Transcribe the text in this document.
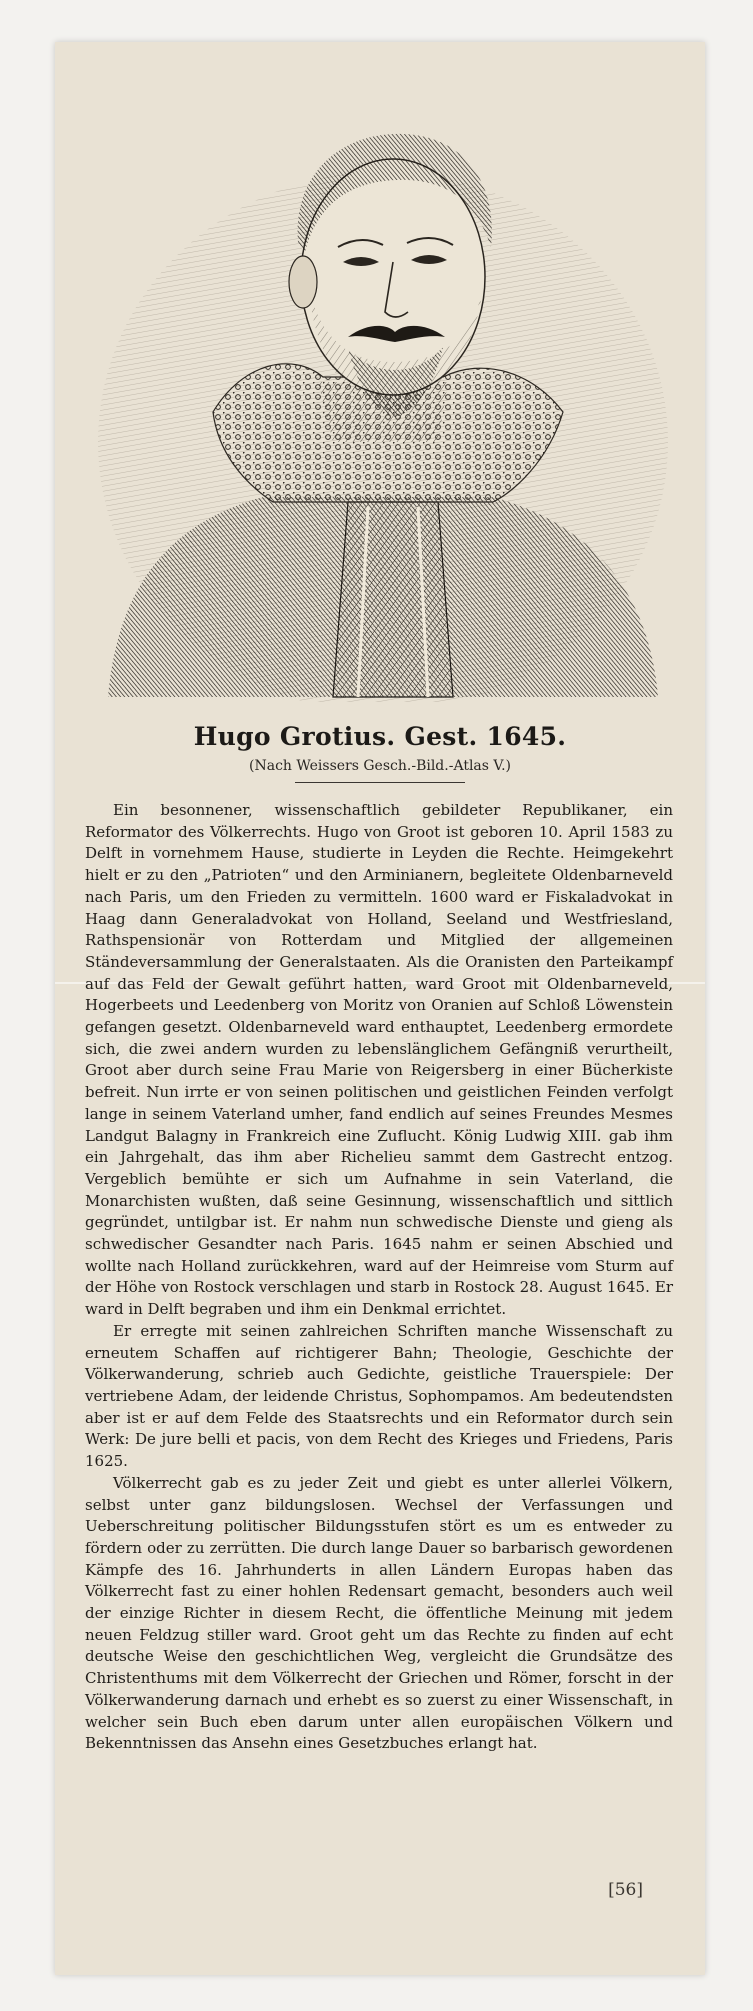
Hugo Grotius. Gest. 1645.
(Nach Weissers Gesch.-Bild.-Atlas V.)

Ein besonnener, wissenschaftlich gebildeter Republikaner, ein Reformator des Völkerrechts. Hugo von Groot ist geboren 10. April 1583 zu Delft in vornehmem Hause, studierte in Leyden die Rechte. Heimgekehrt hielt er zu den „Patrioten“ und den Arminianern, begleitete Oldenbarneveld nach Paris, um den Frieden zu vermitteln. 1600 ward er Fiskaladvokat in Haag dann Generaladvokat von Holland, Seeland und Westfriesland, Rathspensionär von Rotterdam und Mitglied der allgemeinen Ständeversammlung der Generalstaaten. Als die Oranisten den Parteikampf auf das Feld der Gewalt geführt hatten, ward Groot mit Oldenbarneveld, Hogerbeets und Leedenberg von Moritz von Oranien auf Schloß Löwenstein gefangen gesetzt. Oldenbarneveld ward enthauptet, Leedenberg ermordete sich, die zwei andern wurden zu lebenslänglichem Gefängniß verurtheilt, Groot aber durch seine Frau Marie von Reigersberg in einer Bücherkiste befreit. Nun irrte er von seinen politischen und geistlichen Feinden verfolgt lange in seinem Vaterland umher, fand endlich auf seines Freundes Mesmes Landgut Balagny in Frankreich eine Zuflucht. König Ludwig XIII. gab ihm ein Jahrgehalt, das ihm aber Richelieu sammt dem Gastrecht entzog. Vergeblich bemühte er sich um Aufnahme in sein Vaterland, die Monarchisten wußten, daß seine Gesinnung, wissenschaftlich und sittlich gegründet, untilgbar ist. Er nahm nun schwedische Dienste und gieng als schwedischer Gesandter nach Paris. 1645 nahm er seinen Abschied und wollte nach Holland zurückkehren, ward auf der Heimreise vom Sturm auf der Höhe von Rostock verschlagen und starb in Rostock 28. August 1645. Er ward in Delft begraben und ihm ein Denkmal errichtet.

Er erregte mit seinen zahlreichen Schriften manche Wissenschaft zu erneutem Schaffen auf richtigerer Bahn; Theologie, Geschichte der Völkerwanderung, schrieb auch Gedichte, geistliche Trauerspiele: Der vertriebene Adam, der leidende Christus, Sophompamos. Am bedeutendsten aber ist er auf dem Felde des Staatsrechts und ein Reformator durch sein Werk: De jure belli et pacis, von dem Recht des Krieges und Friedens, Paris 1625.

Völkerrecht gab es zu jeder Zeit und giebt es unter allerlei Völkern, selbst unter ganz bildungslosen. Wechsel der Verfassungen und Ueberschreitung politischer Bildungsstufen stört es um es entweder zu fördern oder zu zerrütten. Die durch lange Dauer so barbarisch gewordenen Kämpfe des 16. Jahrhunderts in allen Ländern Europas haben das Völkerrecht fast zu einer hohlen Redensart gemacht, besonders auch weil der einzige Richter in diesem Recht, die öffentliche Meinung mit jedem neuen Feldzug stiller ward. Groot geht um das Rechte zu finden auf echt deutsche Weise den geschichtlichen Weg, vergleicht die Grundsätze des Christenthums mit dem Völkerrecht der Griechen und Römer, forscht in der Völkerwanderung darnach und erhebt es so zuerst zu einer Wissenschaft, in welcher sein Buch eben darum unter allen europäischen Völkern und Bekenntnissen das Ansehn eines Gesetzbuches erlangt hat.

[56]
